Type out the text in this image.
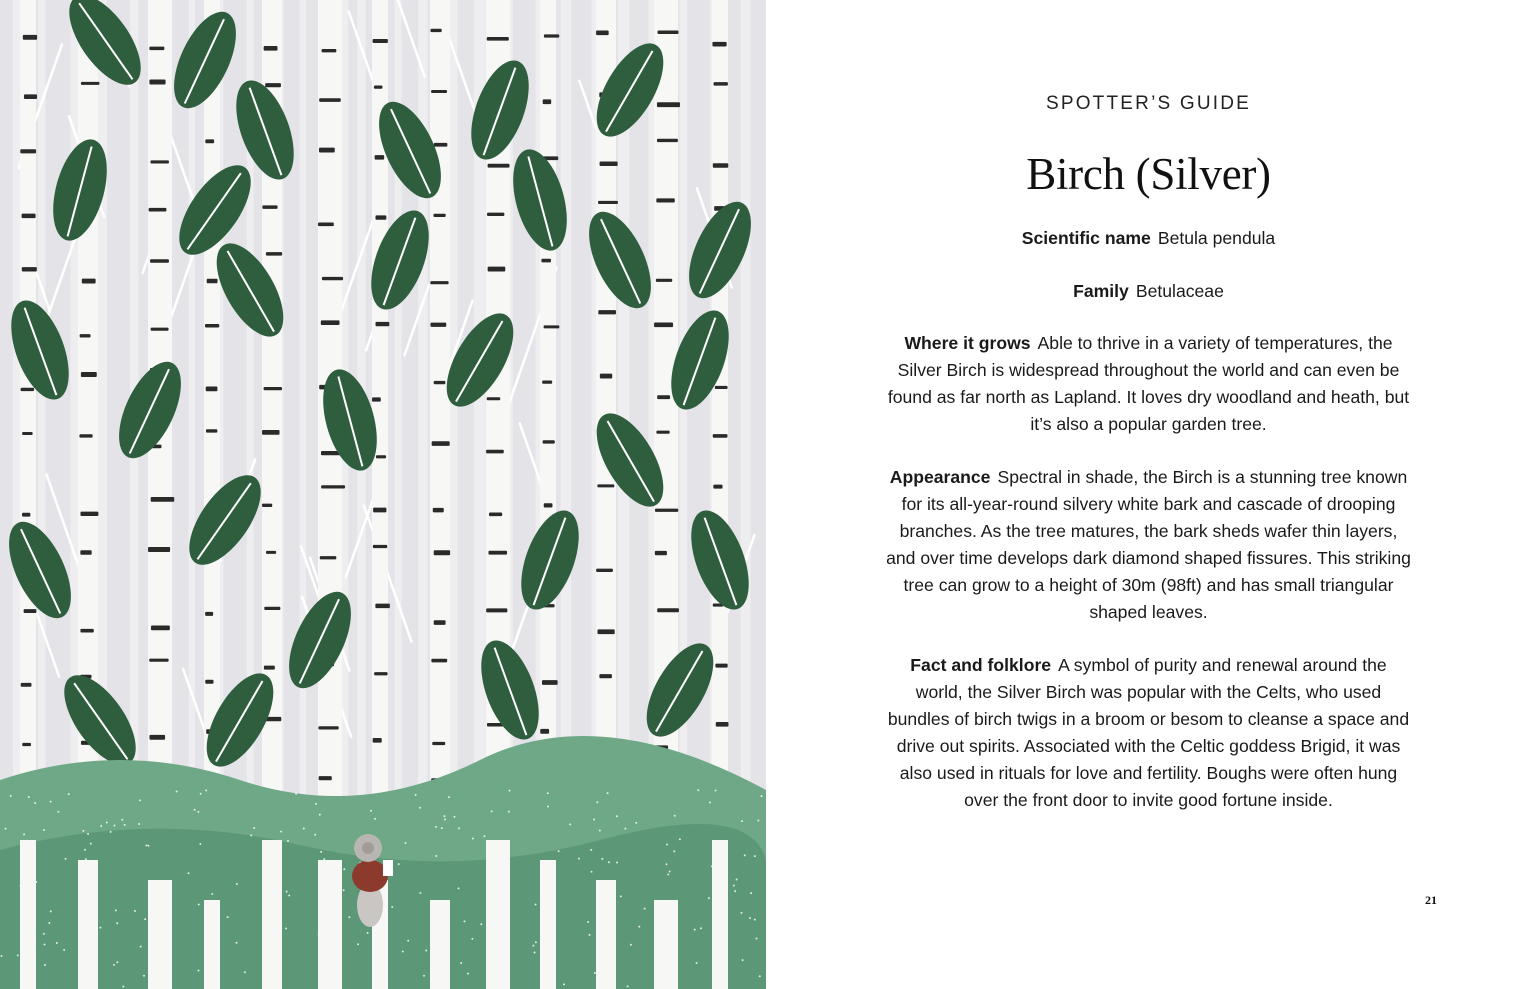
SPOTTER’S GUIDE
Birch (Silver)

Scientific name Betula pendula

Family Betulaceae

Where it grows Able to thrive in a variety of temperatures, the Silver Birch is widespread throughout the world and can even be found as far north as Lapland. It loves dry woodland and heath, but it’s also a popular garden tree.

Appearance Spectral in shade, the Birch is a stunning tree known for its all-year-round silvery white bark and cascade of drooping branches. As the tree matures, the bark sheds wafer thin layers, and over time develops dark diamond shaped fissures. This striking tree can grow to a height of 30m (98ft) and has small triangular shaped leaves.

Fact and folklore A symbol of purity and renewal around the world, the Silver Birch was popular with the Celts, who used bundles of birch twigs in a broom or besom to cleanse a space and drive out spirits. Associated with the Celtic goddess Brigid, it was also used in rituals for love and fertility. Boughs were often hung over the front door to invite good fortune inside.

21
